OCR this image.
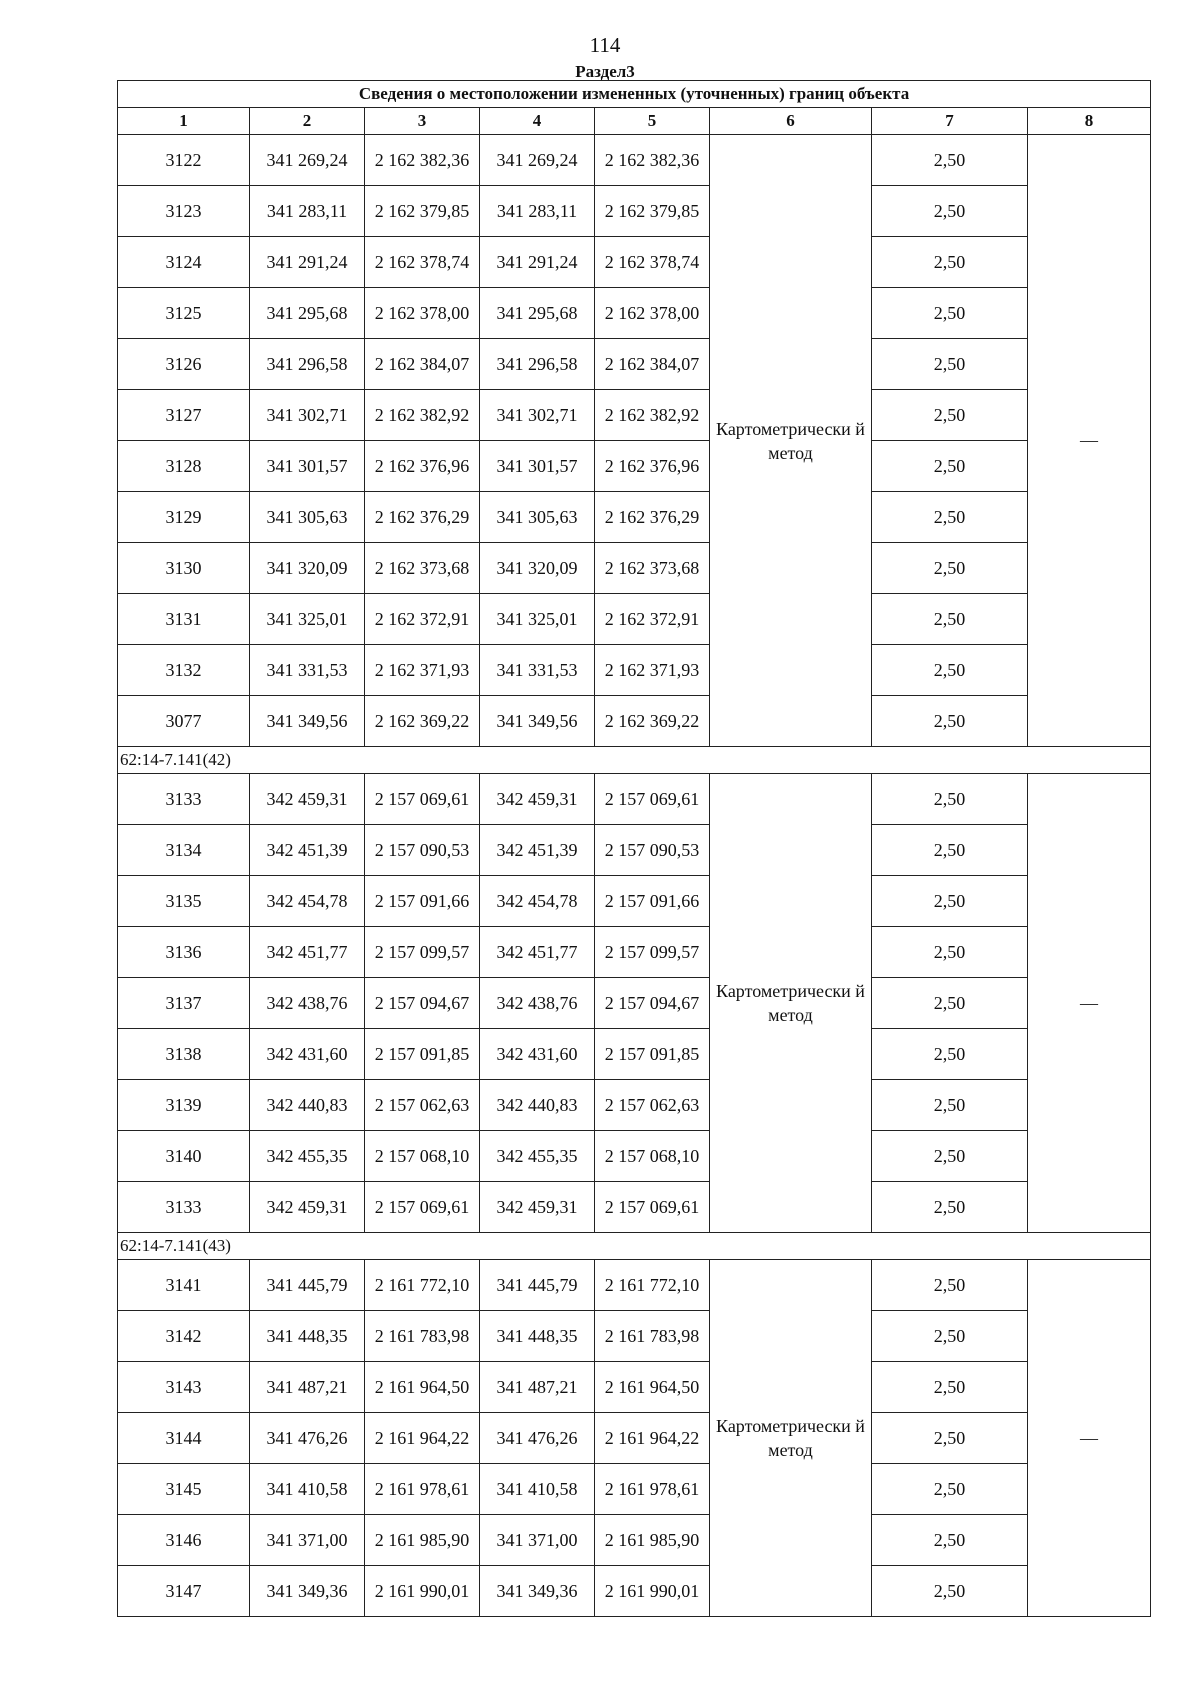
114
Раздел3
Сведения о местоположении измененных (уточненных) границ объекта							
1	2	3	4	5	6	7	8
3122	341 269,24	2 162 382,36	341 269,24	2 162 382,36	Картометрически й метод	2,50	—
3123	341 283,11	2 162 379,85	341 283,11	2 162 379,85		2,50	
3124	341 291,24	2 162 378,74	341 291,24	2 162 378,74		2,50	
3125	341 295,68	2 162 378,00	341 295,68	2 162 378,00		2,50	
3126	341 296,58	2 162 384,07	341 296,58	2 162 384,07		2,50	
3127	341 302,71	2 162 382,92	341 302,71	2 162 382,92		2,50	
3128	341 301,57	2 162 376,96	341 301,57	2 162 376,96		2,50	
3129	341 305,63	2 162 376,29	341 305,63	2 162 376,29		2,50	
3130	341 320,09	2 162 373,68	341 320,09	2 162 373,68		2,50	
3131	341 325,01	2 162 372,91	341 325,01	2 162 372,91		2,50	
3132	341 331,53	2 162 371,93	341 331,53	2 162 371,93		2,50	
3077	341 349,56	2 162 369,22	341 349,56	2 162 369,22		2,50	
62:14-7.141(42)							
3133	342 459,31	2 157 069,61	342 459,31	2 157 069,61	Картометрически й метод	2,50	—
3134	342 451,39	2 157 090,53	342 451,39	2 157 090,53		2,50	
3135	342 454,78	2 157 091,66	342 454,78	2 157 091,66		2,50	
3136	342 451,77	2 157 099,57	342 451,77	2 157 099,57		2,50	
3137	342 438,76	2 157 094,67	342 438,76	2 157 094,67		2,50	
3138	342 431,60	2 157 091,85	342 431,60	2 157 091,85		2,50	
3139	342 440,83	2 157 062,63	342 440,83	2 157 062,63		2,50	
3140	342 455,35	2 157 068,10	342 455,35	2 157 068,10		2,50	
3133	342 459,31	2 157 069,61	342 459,31	2 157 069,61		2,50	
62:14-7.141(43)							
3141	341 445,79	2 161 772,10	341 445,79	2 161 772,10	Картометрически й метод	2,50	—
3142	341 448,35	2 161 783,98	341 448,35	2 161 783,98		2,50	
3143	341 487,21	2 161 964,50	341 487,21	2 161 964,50		2,50	
3144	341 476,26	2 161 964,22	341 476,26	2 161 964,22		2,50	
3145	341 410,58	2 161 978,61	341 410,58	2 161 978,61		2,50	
3146	341 371,00	2 161 985,90	341 371,00	2 161 985,90		2,50	
3147	341 349,36	2 161 990,01	341 349,36	2 161 990,01		2,50	
